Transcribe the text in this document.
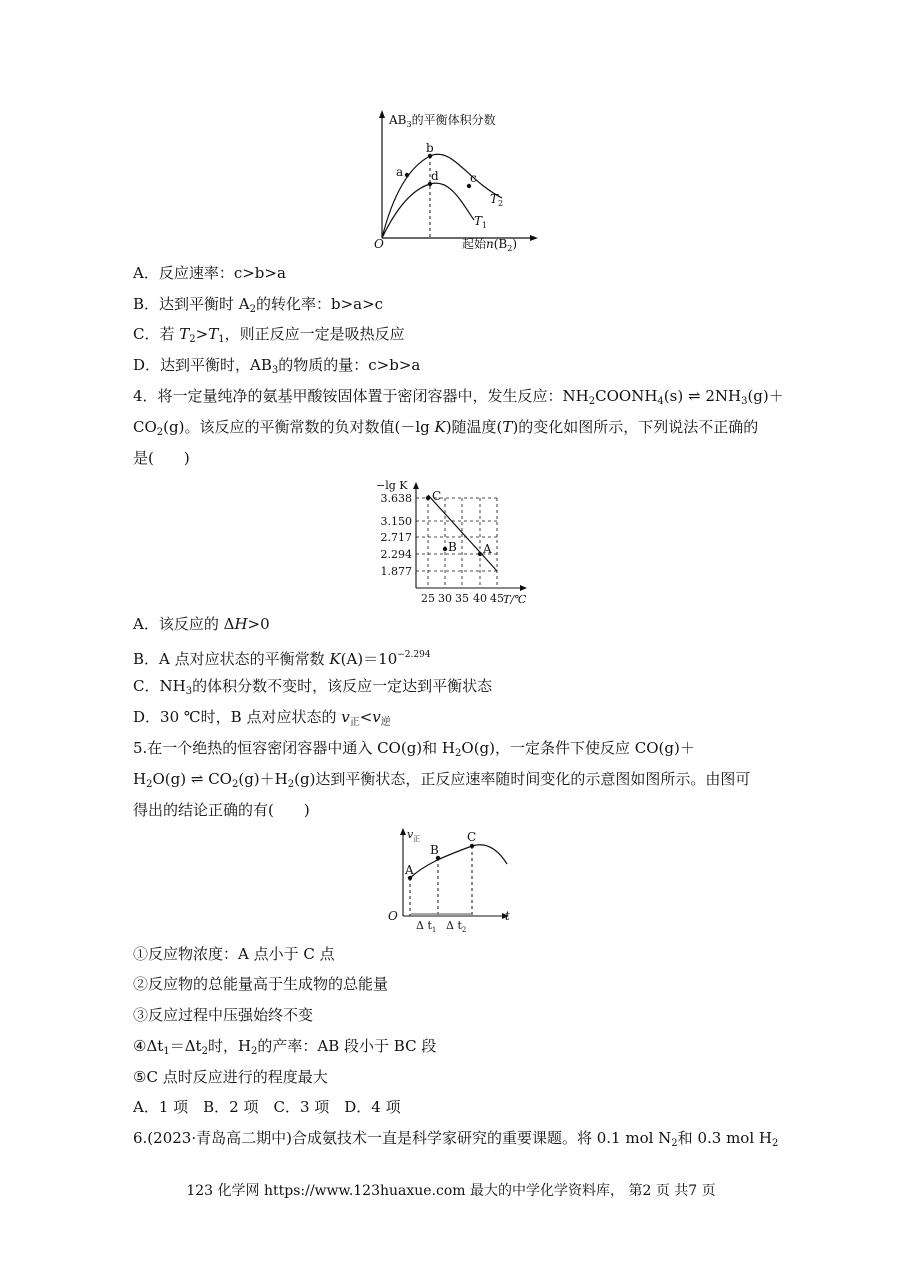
$AB_3$的平衡体积分数
a
b
c
d
$T_2$
$T_1$
O	起始$n(B_2)$
A．反应速率：c>b>a
B．达到平衡时 $A_2$的转化率：b>a>c
C．若 $T_2>T_1$，则正反应一定是吸热反应
D．达到平衡时，$AB_3$的物质的量：c>b>a
4．将一定量纯净的氨基甲酸铵固体置于密闭容器中，发生反应：$NH_2COONH_4(s)$ ⇌ $2NH_3(g)+$
$CO_2(g)$。该反应的平衡常数的负对数值(－lg K)随温度(T)的变化如图所示，下列说法不正确的
是(　　)
−lg K
3.638
3.150
2.717
2.294
1.877
25 30 35 40 45
C
B A
T/℃
A．该反应的 ΔH>0
B．A 点对应状态的平衡常数 $K(A)=10^{-2.294}$
C．$NH_3$的体积分数不变时，该反应一定达到平衡状态
D．30 ℃时，B 点对应状态的 $v_正<v_逆$
5.在一个绝热的恒容密闭容器中通入 CO(g)和 $H_2O(g)$，一定条件下使反应 CO(g)＋
$H_2O(g)$ ⇌ $CO_2(g)+H_2(g)$达到平衡状态，正反应速率随时间变化的示意图如图所示。由图可
得出的结论正确的有(　　)
$v_正$
t
O
A
B
C
Δ $t_1$ Δ $t_2$
①反应物浓度：A 点小于 C 点
②反应物的总能量高于生成物的总能量
③反应过程中压强始终不变
$④\Delta t_1=\Delta t_2$时，$H_2$的产率：AB 段小于 BC 段
⑤C 点时反应进行的程度最大
A．1 项　B．2 项　C．3 项　D．4 项
6.(2023·青岛高二期中)合成氨技术一直是科学家研究的重要课题。将 0.1 mol $N_2$和 0.3 mol $H_2$
123 化学网 https://www.123huaxue.com 最大的中学化学资料库， 第2 页 共7 页
